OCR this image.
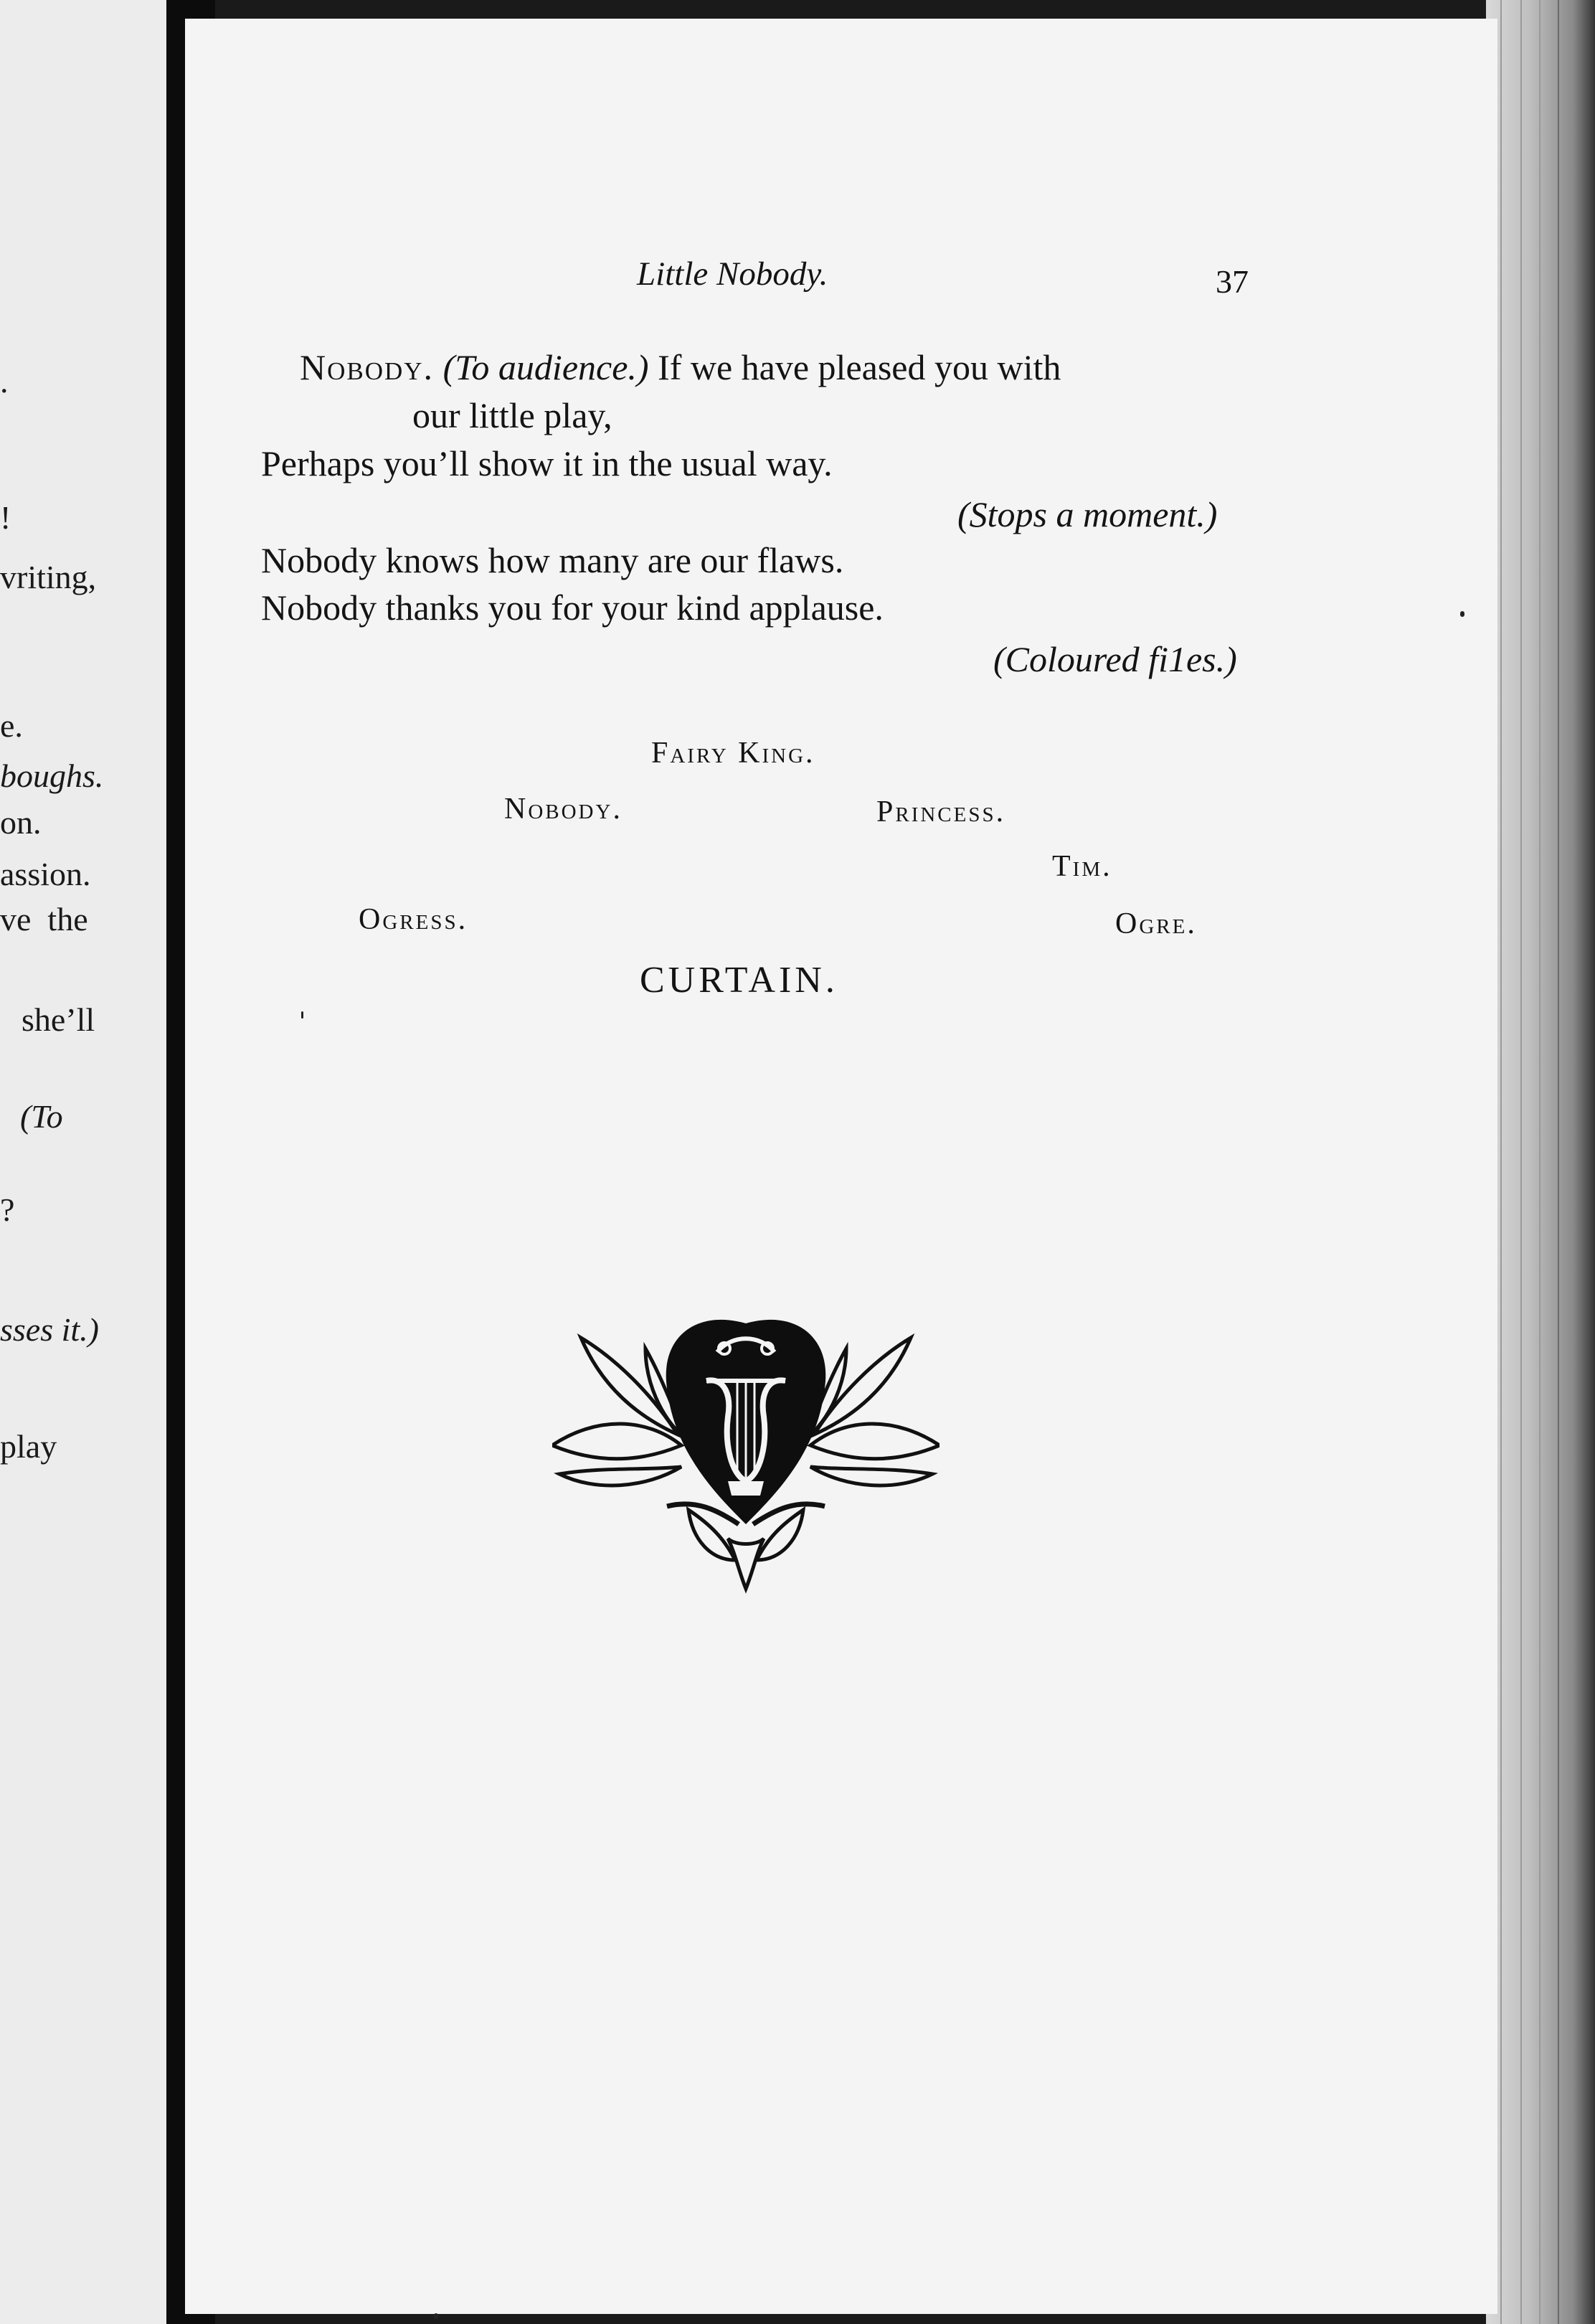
.
!
vriting,
e.
boughs.
on.
assion.
ve  the
she’ll
(To
?
sses it.)
play
Little Nobody.	37
Nobody. (To audience.) If we have pleased you with
our little play,
Perhaps you’ll show it in the usual way.
(Stops a moment.)
Nobody knows how many are our flaws.
Nobody thanks you for your kind applause.
(Coloured fi1es.)
Fairy King.
Nobody.	Princess.
Tim.
Ogress.	Ogre.
CURTAIN.
